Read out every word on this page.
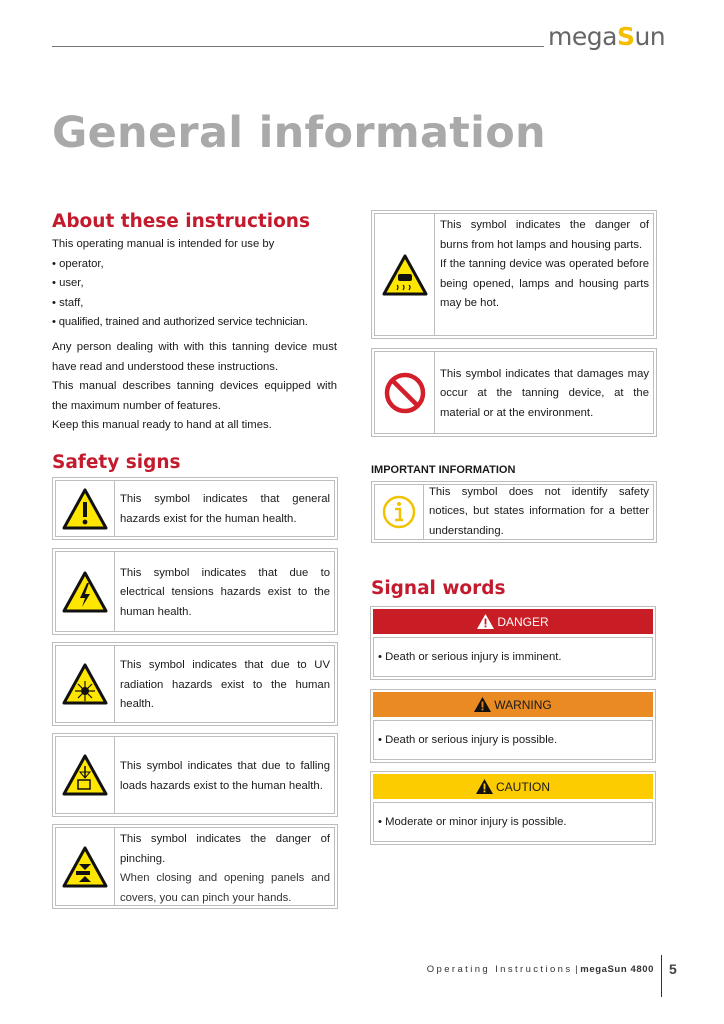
megaSun
General information
About these instructions

This operating manual is intended for use by

• operator,

• user,

• staff,

• qualified, trained and authorized service technician.

Any person dealing with with this tanning device must have read and understood these instructions.

This manual describes tanning devices equipped with the maximum number of features.

Keep this manual ready to hand at all times.

Safety signs
This symbol indicates that general hazards exist for the human health.
This symbol indicates that due to electrical tensions hazards exist to the human health.
This symbol indicates that due to UV radiation hazards exist to the human health.
This symbol indicates that due to falling loads hazards exist to the human health.
This symbol indicates the danger of pinching.
When closing and opening panels and covers, you can pinch your hands.
This symbol indicates the danger of burns from hot lamps and housing parts.
If the tanning device was operated before being opened, lamps and housing parts may be hot.
This symbol indicates that damages may occur at the tanning device, at the material or at the environment.
IMPORTANT INFORMATION
This symbol does not identify safety notices, but states information for a better understanding.
Signal words
DANGER
• Death or serious injury is imminent.
WARNING
• Death or serious injury is possible.
CAUTION
• Moderate or minor injury is possible.
Operating Instructions | megaSun 4800 5
